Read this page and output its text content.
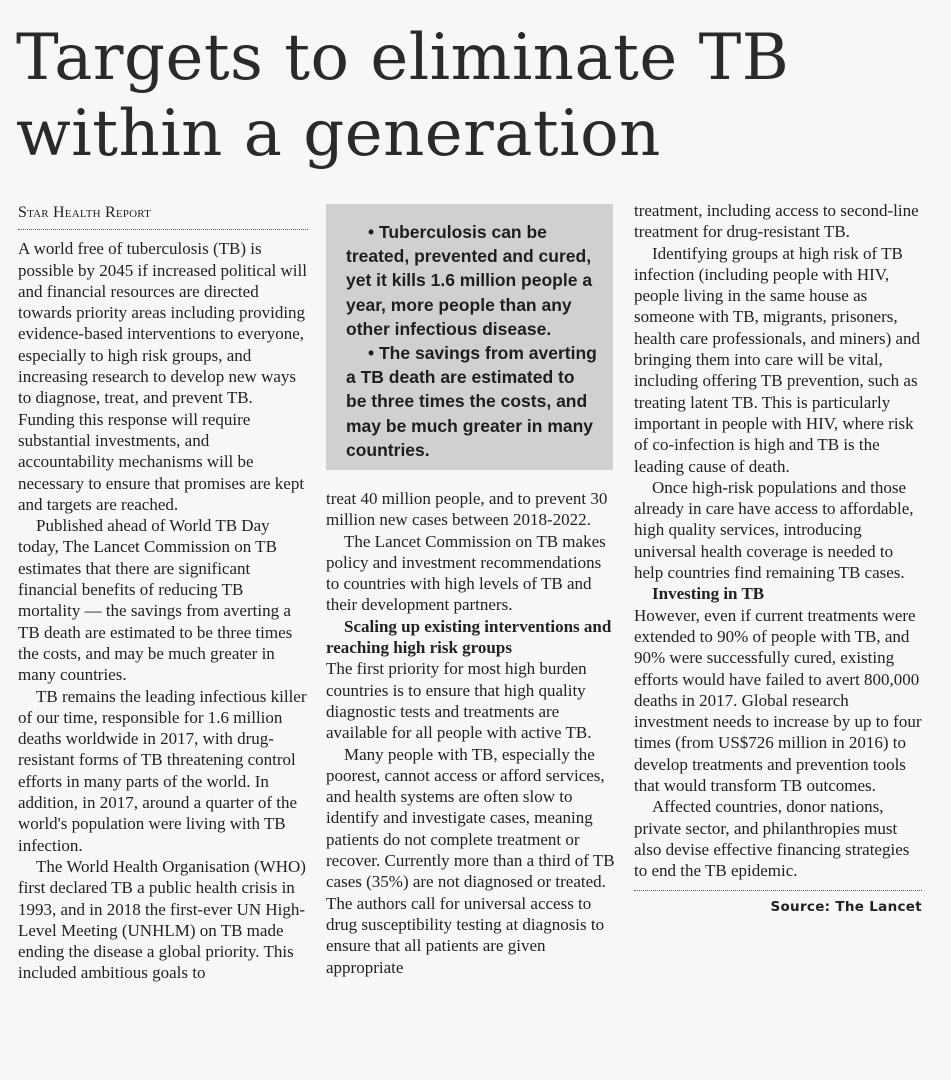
Targets to eliminate TB
within a generation
Star Health Report

A world free of tuberculosis (TB) is possible by 2045 if increased political will and financial resources are directed towards priority areas including providing evidence-based interventions to everyone, especially to high risk groups, and increasing research to develop new ways to diagnose, treat, and prevent TB. Funding this response will require substantial investments, and accountability mechanisms will be necessary to ensure that promises are kept and targets are reached.

Published ahead of World TB Day today, The Lancet Commission on TB estimates that there are significant financial benefits of reducing TB mortality — the savings from averting a TB death are estimated to be three times the costs, and may be much greater in many countries.

TB remains the leading infectious killer of our time, responsible for 1.6 million deaths worldwide in 2017, with drug-resistant forms of TB threatening control efforts in many parts of the world. In addition, in 2017, around a quarter of the world's population were living with TB infection.

The World Health Organisation (WHO) first declared TB a public health crisis in 1993, and in 2018 the first-ever UN High-Level Meeting (UNHLM) on TB made ending the disease a global priority. This included ambitious goals to

• Tuberculosis can be treated, prevented and cured, yet it kills 1.6 million people a year, more people than any other infectious disease.

• The savings from averting a TB death are estimated to be three times the costs, and may be much greater in many countries.

treat 40 million people, and to prevent 30 million new cases between 2018-2022.

The Lancet Commission on TB makes policy and investment recommendations to countries with high levels of TB and their development partners.

Scaling up existing interventions and reaching high risk groups

The first priority for most high burden countries is to ensure that high quality diagnostic tests and treatments are available for all people with active TB.

Many people with TB, especially the poorest, cannot access or afford services, and health systems are often slow to identify and investigate cases, meaning patients do not complete treatment or recover. Currently more than a third of TB cases (35%) are not diagnosed or treated. The authors call for universal access to drug susceptibility testing at diagnosis to ensure that all patients are given appropriate

treatment, including access to second-line treatment for drug-resistant TB.

Identifying groups at high risk of TB infection (including people with HIV, people living in the same house as someone with TB, migrants, prisoners, health care professionals, and miners) and bringing them into care will be vital, including offering TB prevention, such as treating latent TB. This is particularly important in people with HIV, where risk of co-infection is high and TB is the leading cause of death.

Once high-risk populations and those already in care have access to affordable, high quality services, introducing universal health coverage is needed to help countries find remaining TB cases.

Investing in TB

However, even if current treatments were extended to 90% of people with TB, and 90% were successfully cured, existing efforts would have failed to avert 800,000 deaths in 2017. Global research investment needs to increase by up to four times (from US$726 million in 2016) to develop treatments and prevention tools that would transform TB outcomes.

Affected countries, donor nations, private sector, and philanthropies must also devise effective financing strategies to end the TB epidemic.

Source: The Lancet
